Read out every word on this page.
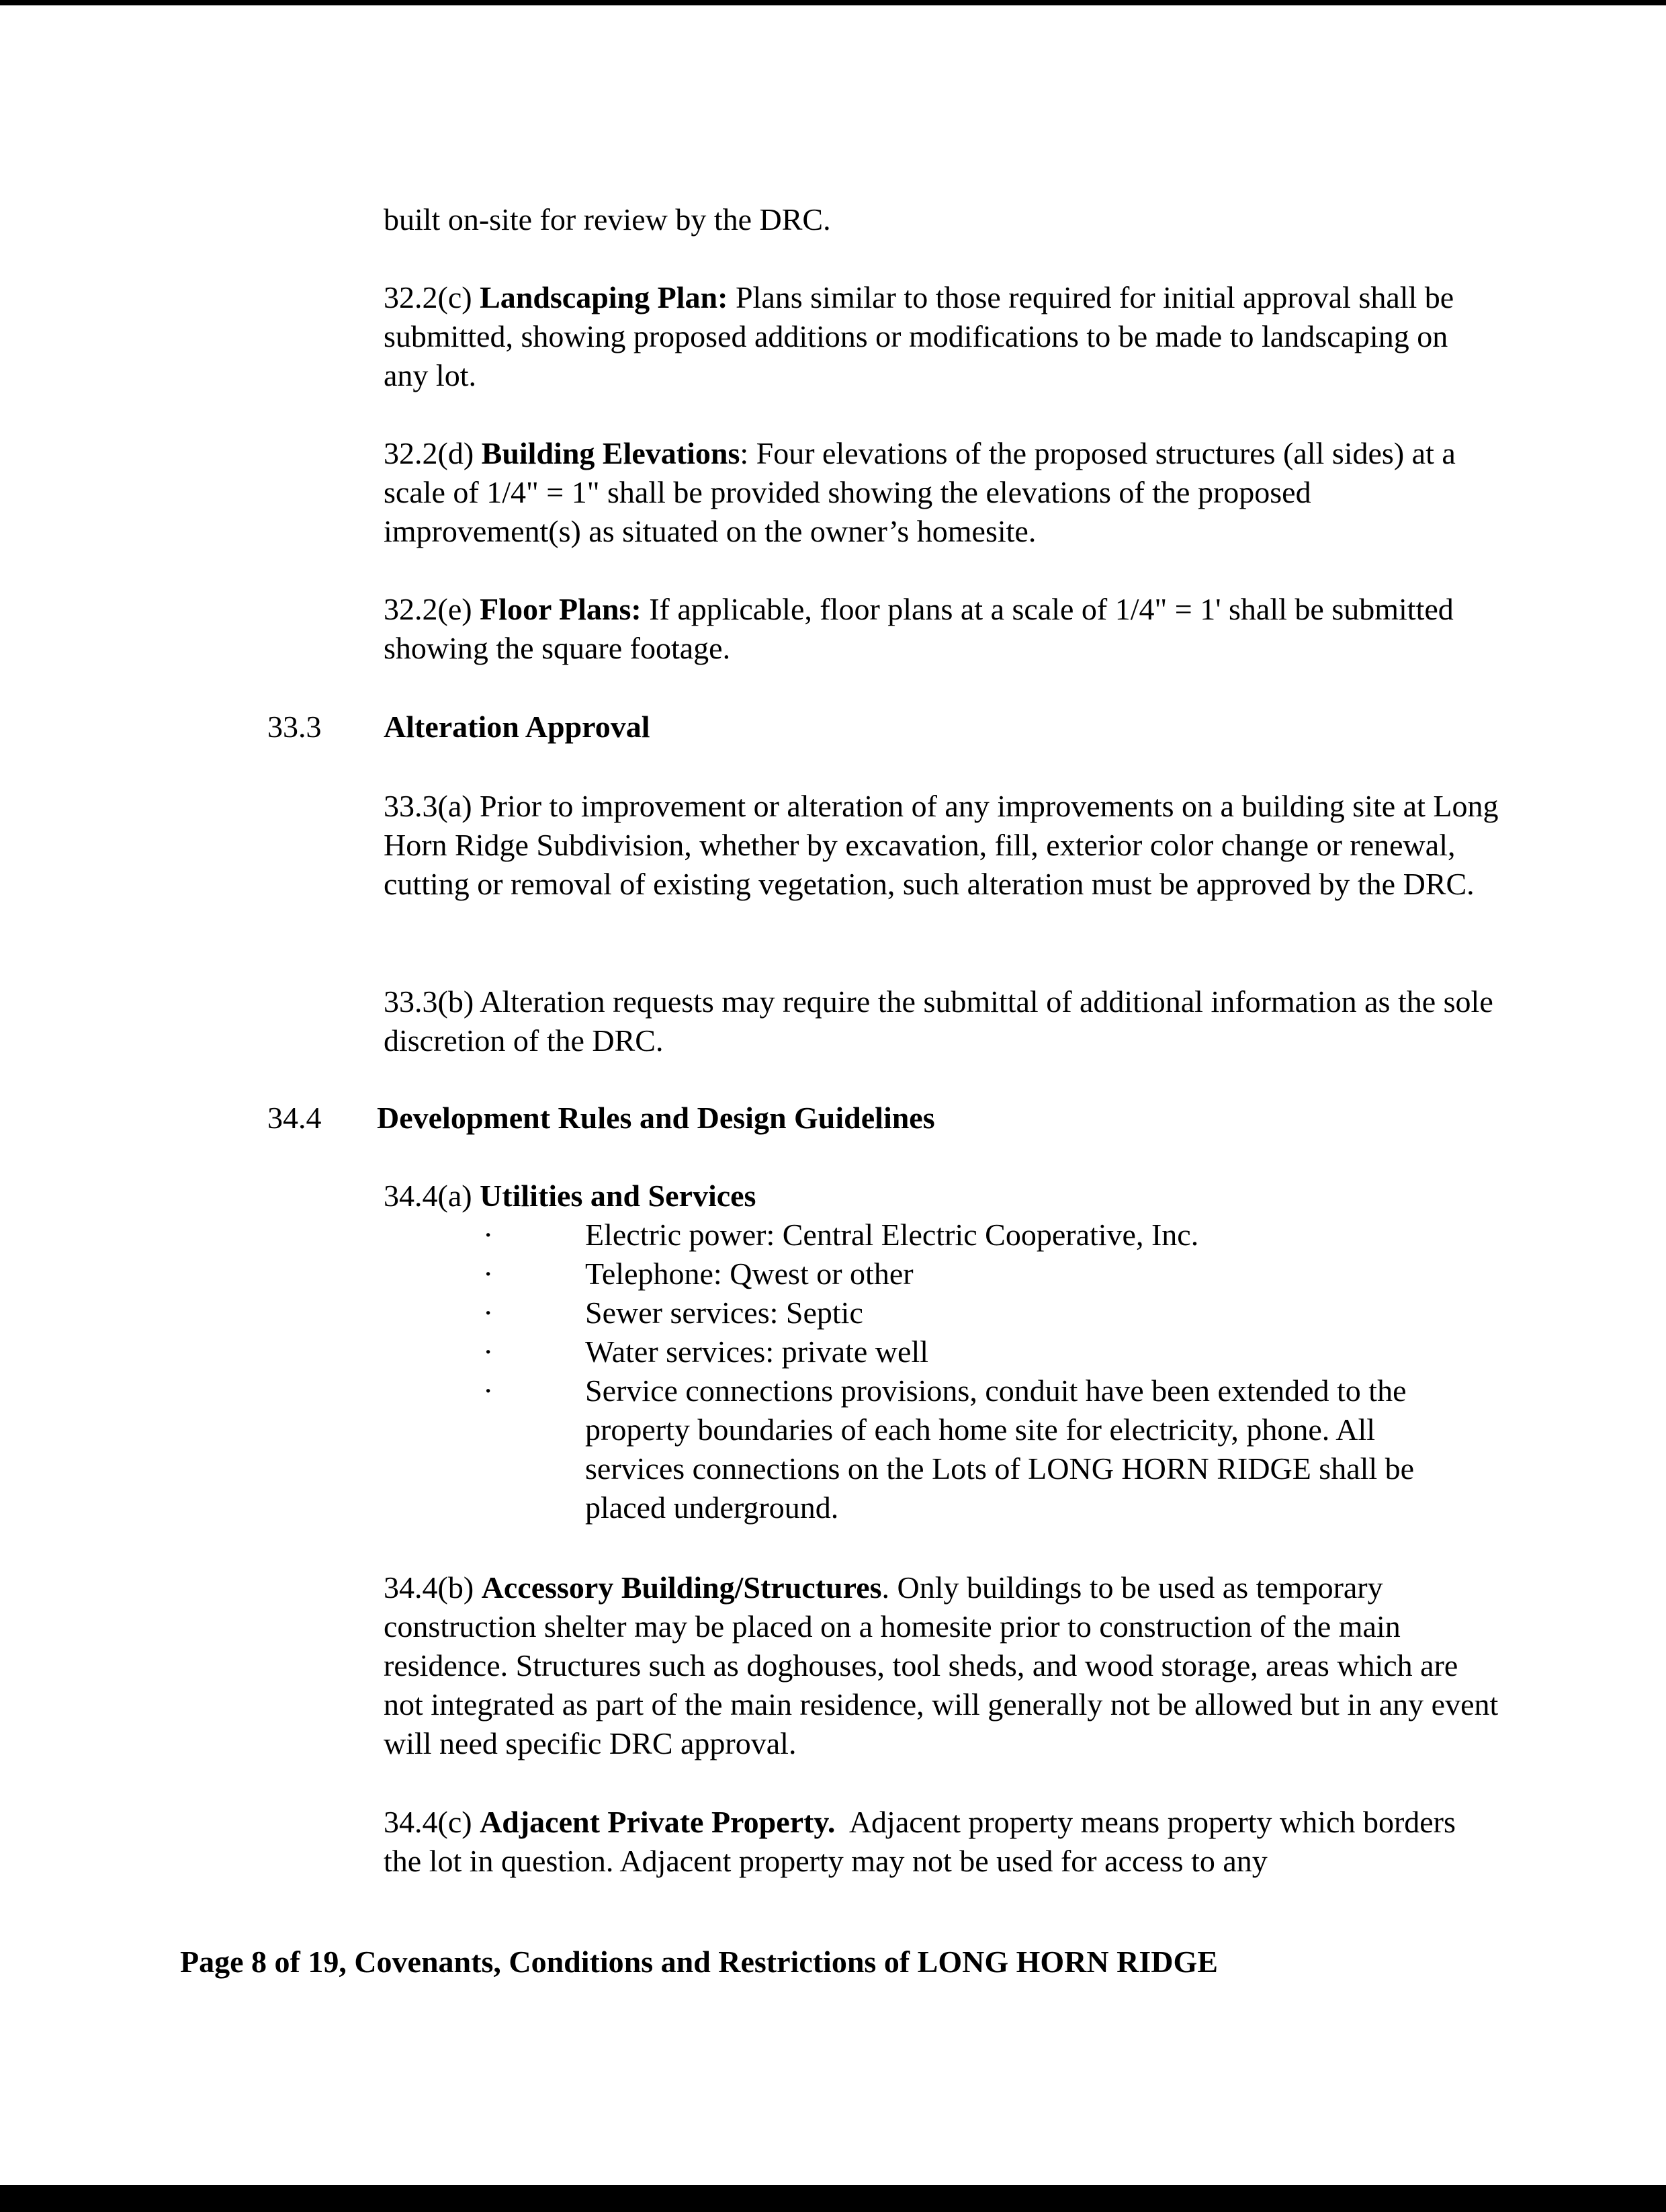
built on-site for review by the DRC.

32.2(c) Landscaping Plan: Plans similar to those required for initial approval shall be submitted, showing proposed additions or modifications to be made to landscaping on any lot.

32.2(d) Building Elevations: Four elevations of the proposed structures (all sides) at a scale of 1/4" = 1" shall be provided showing the elevations of the proposed improvement(s) as situated on the owner’s homesite.

32.2(e) Floor Plans: If applicable, floor plans at a scale of 1/4" = 1' shall be submitted showing the square footage.

33.3 Alteration Approval

33.3(a) Prior to improvement or alteration of any improvements on a building site at Long Horn Ridge Subdivision, whether by excavation, fill, exterior color change or renewal, cutting or removal of existing vegetation, such alteration must be approved by the DRC.

33.3(b) Alteration requests may require the submittal of additional information as the sole discretion of the DRC.

34.4 Development Rules and Design Guidelines

34.4(a) Utilities and Services

·	Electric power: Central Electric Cooperative, Inc.
·	Telephone: Qwest or other
·	Sewer services: Septic
·	Water services: private well
·	Service connections provisions, conduit have been extended to the property boundaries of each home site for electricity, phone. All services connections on the Lots of LONG HORN RIDGE shall be placed underground.

34.4(b) Accessory Building/Structures. Only buildings to be used as temporary construction shelter may be placed on a homesite prior to construction of the main residence. Structures such as doghouses, tool sheds, and wood storage, areas which are not integrated as part of the main residence, will generally not be allowed but in any event will need specific DRC approval.

34.4(c) Adjacent Private Property. Adjacent property means property which borders the lot in question. Adjacent property may not be used for access to any

Page 8 of 19, Covenants, Conditions and Restrictions of LONG HORN RIDGE
